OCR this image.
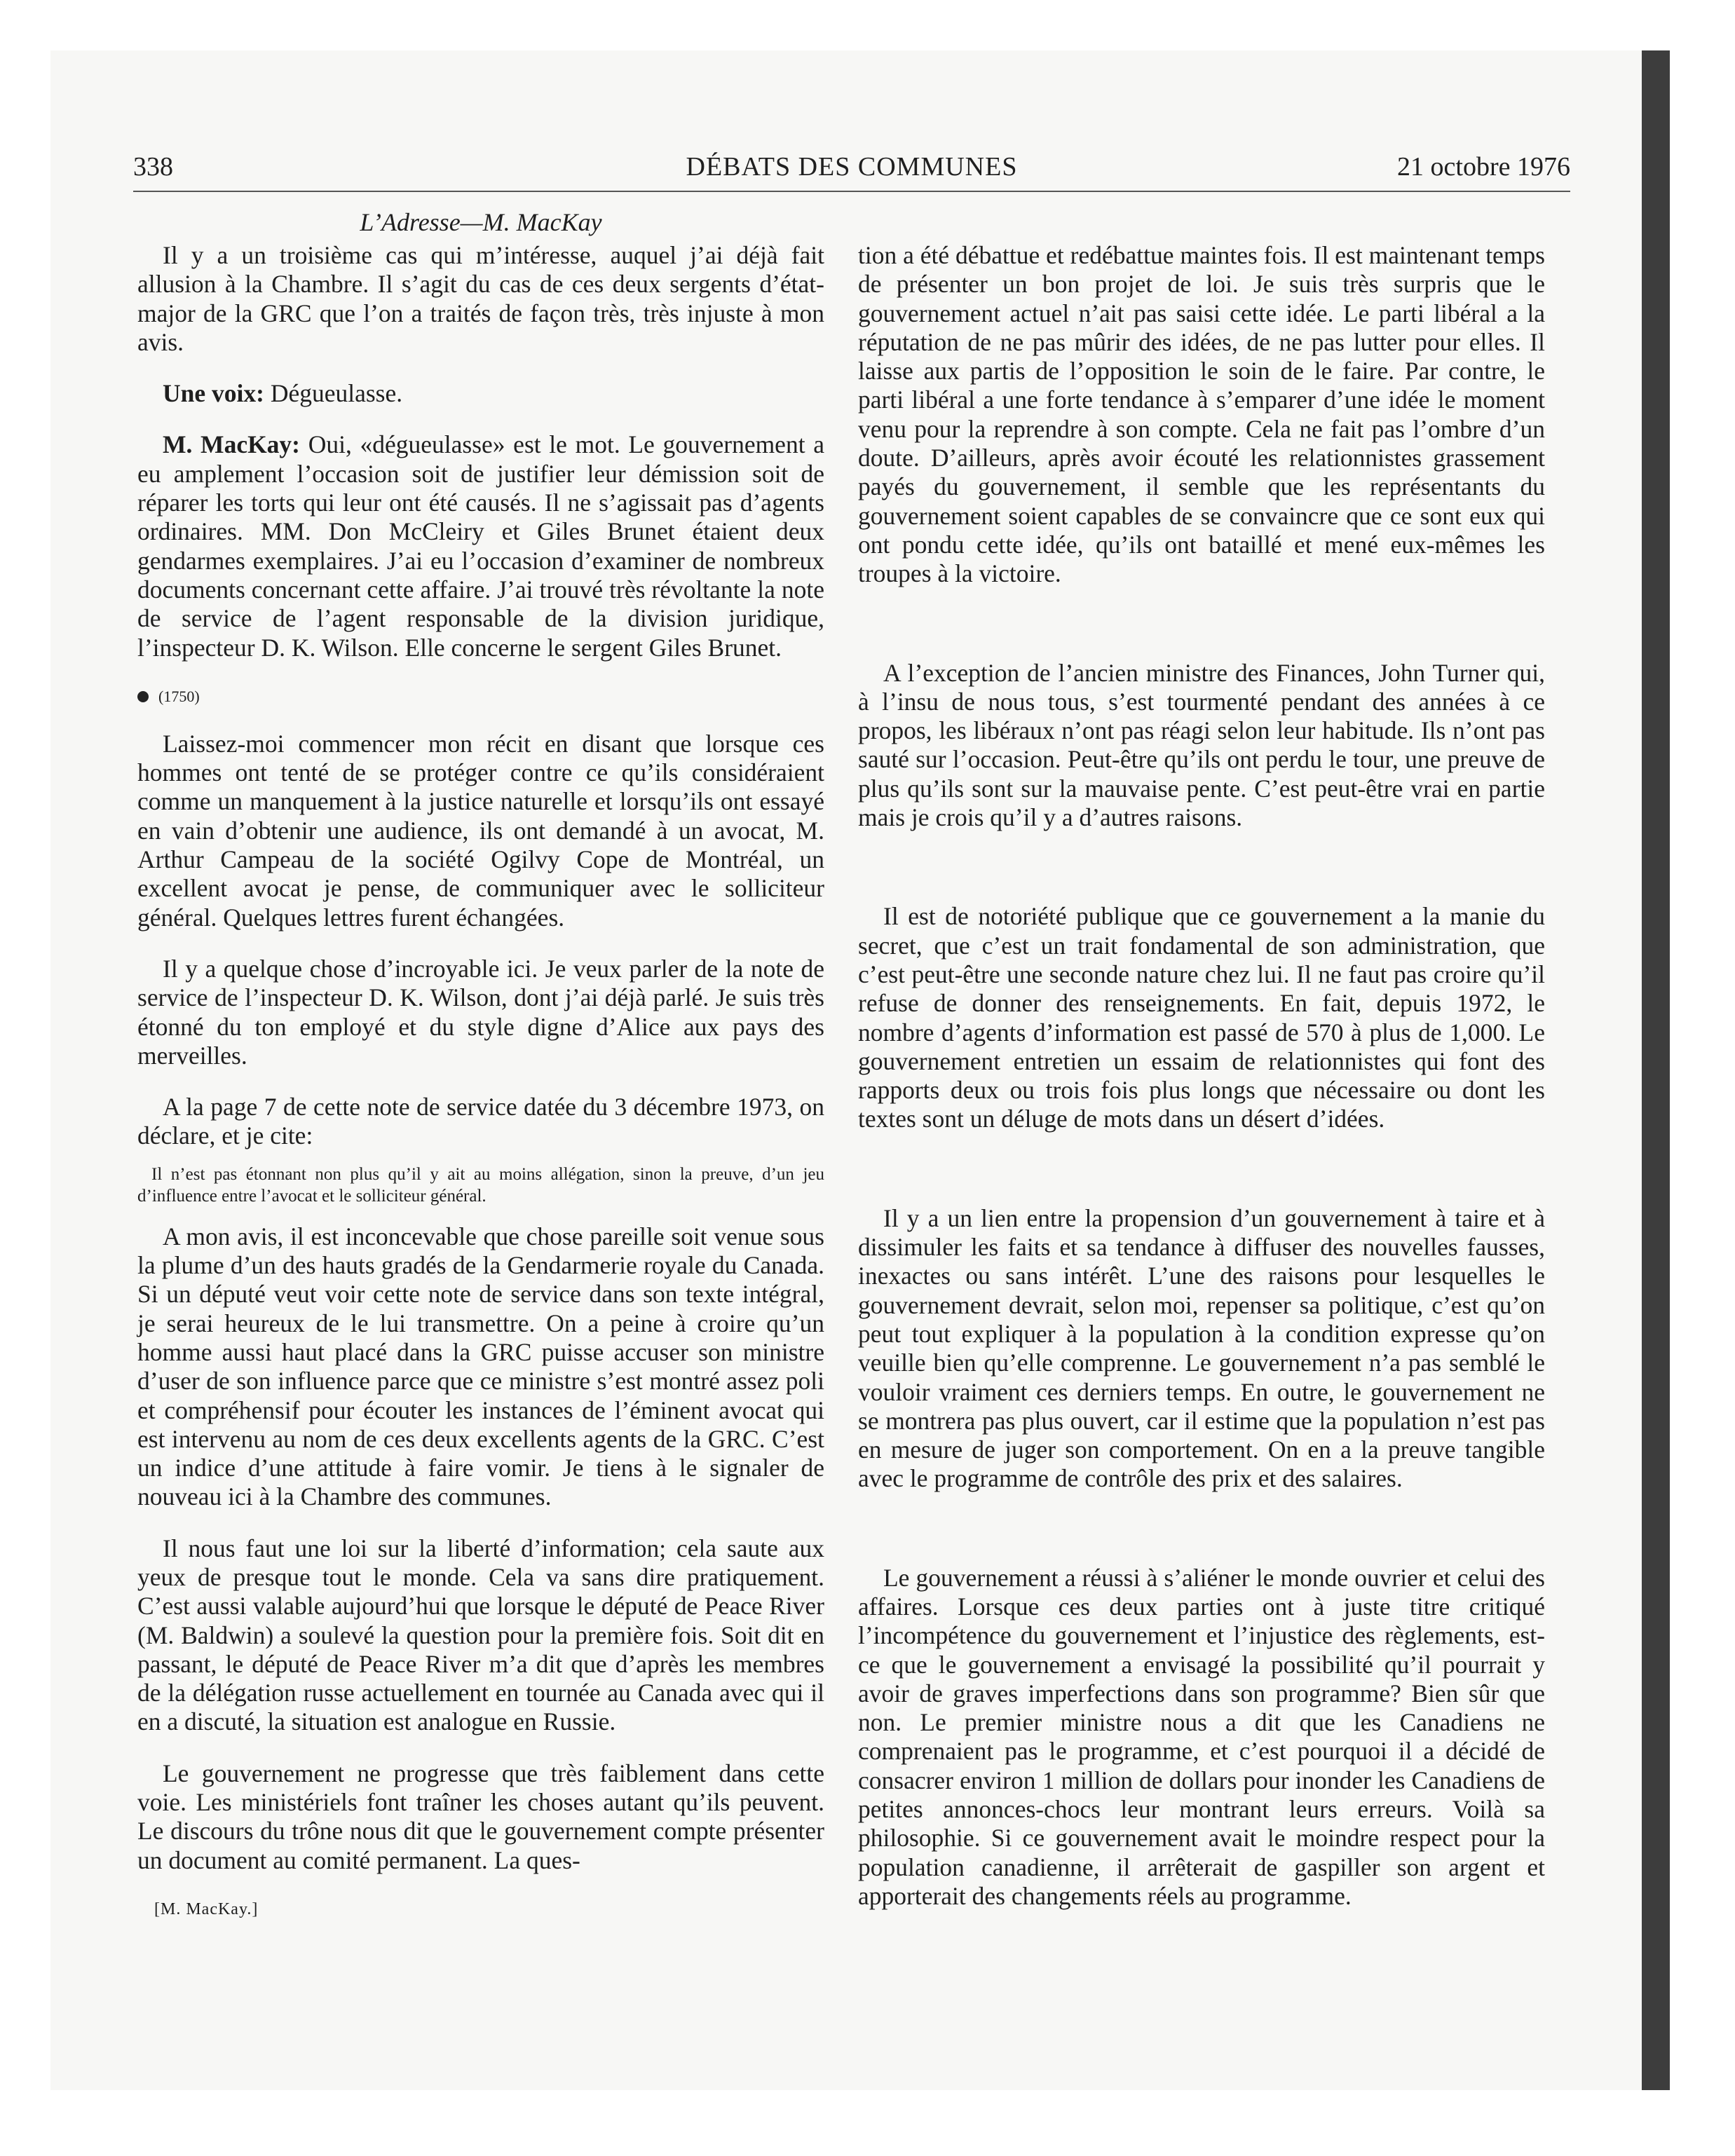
338	DÉBATS DES COMMUNES	21 octobre 1976
L’Adresse—M. MacKay

Il y a un troisième cas qui m’intéresse, auquel j’ai déjà fait allusion à la Chambre. Il s’agit du cas de ces deux sergents d’état-major de la GRC que l’on a traités de façon très, très injuste à mon avis.

Une voix: Dégueulasse.

M. MacKay: Oui, «dégueulasse» est le mot. Le gouvernement a eu amplement l’occasion soit de justifier leur démission soit de réparer les torts qui leur ont été causés. Il ne s’agissait pas d’agents ordinaires. MM. Don McCleiry et Giles Brunet étaient deux gendarmes exemplaires. J’ai eu l’occasion d’examiner de nombreux documents concernant cette affaire. J’ai trouvé très révoltante la note de service de l’agent responsable de la division juridique, l’inspecteur D. K. Wilson. Elle concerne le sergent Giles Brunet.

(1750)

Laissez-moi commencer mon récit en disant que lorsque ces hommes ont tenté de se protéger contre ce qu’ils considéraient comme un manquement à la justice naturelle et lorsqu’ils ont essayé en vain d’obtenir une audience, ils ont demandé à un avocat, M. Arthur Campeau de la société Ogilvy Cope de Montréal, un excellent avocat je pense, de communiquer avec le solliciteur général. Quelques lettres furent échangées.

Il y a quelque chose d’incroyable ici. Je veux parler de la note de service de l’inspecteur D. K. Wilson, dont j’ai déjà parlé. Je suis très étonné du ton employé et du style digne d’Alice aux pays des merveilles.

A la page 7 de cette note de service datée du 3 décembre 1973, on déclare, et je cite:

Il n’est pas étonnant non plus qu’il y ait au moins allégation, sinon la preuve, d’un jeu d’influence entre l’avocat et le solliciteur général.

A mon avis, il est inconcevable que chose pareille soit venue sous la plume d’un des hauts gradés de la Gendarmerie royale du Canada. Si un député veut voir cette note de service dans son texte intégral, je serai heureux de le lui transmettre. On a peine à croire qu’un homme aussi haut placé dans la GRC puisse accuser son ministre d’user de son influence parce que ce ministre s’est montré assez poli et compréhensif pour écouter les instances de l’éminent avocat qui est intervenu au nom de ces deux excellents agents de la GRC. C’est un indice d’une attitude à faire vomir. Je tiens à le signaler de nouveau ici à la Chambre des communes.

Il nous faut une loi sur la liberté d’information; cela saute aux yeux de presque tout le monde. Cela va sans dire pratiquement. C’est aussi valable aujourd’hui que lorsque le député de Peace River (M. Baldwin) a soulevé la question pour la première fois. Soit dit en passant, le député de Peace River m’a dit que d’après les membres de la délégation russe actuellement en tournée au Canada avec qui il en a discuté, la situation est analogue en Russie.

Le gouvernement ne progresse que très faiblement dans cette voie. Les ministériels font traîner les choses autant qu’ils peuvent. Le discours du trône nous dit que le gouvernement compte présenter un document au comité permanent. La ques-

[M. MacKay.]

tion a été débattue et redébattue maintes fois. Il est maintenant temps de présenter un bon projet de loi. Je suis très surpris que le gouvernement actuel n’ait pas saisi cette idée. Le parti libéral a la réputation de ne pas mûrir des idées, de ne pas lutter pour elles. Il laisse aux partis de l’opposition le soin de le faire. Par contre, le parti libéral a une forte tendance à s’emparer d’une idée le moment venu pour la reprendre à son compte. Cela ne fait pas l’ombre d’un doute. D’ailleurs, après avoir écouté les relationnistes grassement payés du gouvernement, il semble que les représentants du gouvernement soient capables de se convaincre que ce sont eux qui ont pondu cette idée, qu’ils ont bataillé et mené eux-mêmes les troupes à la victoire.

A l’exception de l’ancien ministre des Finances, John Turner qui, à l’insu de nous tous, s’est tourmenté pendant des années à ce propos, les libéraux n’ont pas réagi selon leur habitude. Ils n’ont pas sauté sur l’occasion. Peut-être qu’ils ont perdu le tour, une preuve de plus qu’ils sont sur la mauvaise pente. C’est peut-être vrai en partie mais je crois qu’il y a d’autres raisons.

Il est de notoriété publique que ce gouvernement a la manie du secret, que c’est un trait fondamental de son administration, que c’est peut-être une seconde nature chez lui. Il ne faut pas croire qu’il refuse de donner des renseignements. En fait, depuis 1972, le nombre d’agents d’information est passé de 570 à plus de 1,000. Le gouvernement entretien un essaim de relationnistes qui font des rapports deux ou trois fois plus longs que nécessaire ou dont les textes sont un déluge de mots dans un désert d’idées.

Il y a un lien entre la propension d’un gouvernement à taire et à dissimuler les faits et sa tendance à diffuser des nouvelles fausses, inexactes ou sans intérêt. L’une des raisons pour lesquelles le gouvernement devrait, selon moi, repenser sa politique, c’est qu’on peut tout expliquer à la population à la condition expresse qu’on veuille bien qu’elle comprenne. Le gouvernement n’a pas semblé le vouloir vraiment ces derniers temps. En outre, le gouvernement ne se montrera pas plus ouvert, car il estime que la population n’est pas en mesure de juger son comportement. On en a la preuve tangible avec le programme de contrôle des prix et des salaires.

Le gouvernement a réussi à s’aliéner le monde ouvrier et celui des affaires. Lorsque ces deux parties ont à juste titre critiqué l’incompétence du gouvernement et l’injustice des règlements, est-ce que le gouvernement a envisagé la possibilité qu’il pourrait y avoir de graves imperfections dans son programme? Bien sûr que non. Le premier ministre nous a dit que les Canadiens ne comprenaient pas le programme, et c’est pourquoi il a décidé de consacrer environ 1 million de dollars pour inonder les Canadiens de petites annonces-chocs leur montrant leurs erreurs. Voilà sa philosophie. Si ce gouvernement avait le moindre respect pour la population canadienne, il arrêterait de gaspiller son argent et apporterait des changements réels au programme.
